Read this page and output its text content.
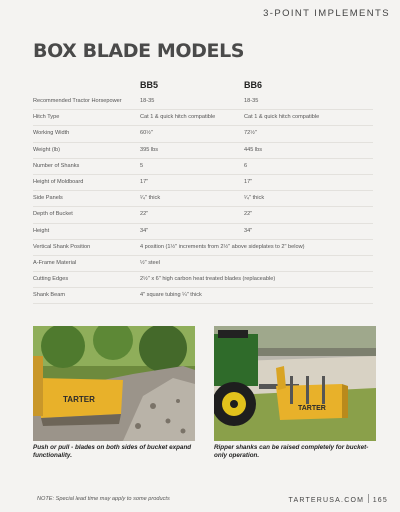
3-POINT IMPLEMENTS
BOX BLADE MODELS
BB5	BB6
Recommended Tractor Horsepower	18-35	18-35
Hitch Type	Cat 1 & quick hitch compatible	Cat 1 & quick hitch compatible
Working Width	60½"	72½"
Weight (lb)	395 lbs	445 lbs
Number of Shanks	5	6
Height of Moldboard	17"	17"
Side Panels	¹⁄₄" thick	¹⁄₄" thick
Depth of Bucket	22"	22"
Height	34"	34"
Vertical Shank Position	4 position (1½" increments from 2½" above sideplates to 2" below)
A-Frame Material	½" steel
Cutting Edges	2½" x 6" high carbon heat treated blades (replaceable)
Shank Beam	4" square tubing ¼" thick
TARTER
TARTER

Push or pull - blades on both sides of bucket expand functionality.

Ripper shanks can be raised completely for bucket-only operation.

NOTE: Special lead time may apply to some products	TARTERUSA.COM 165
